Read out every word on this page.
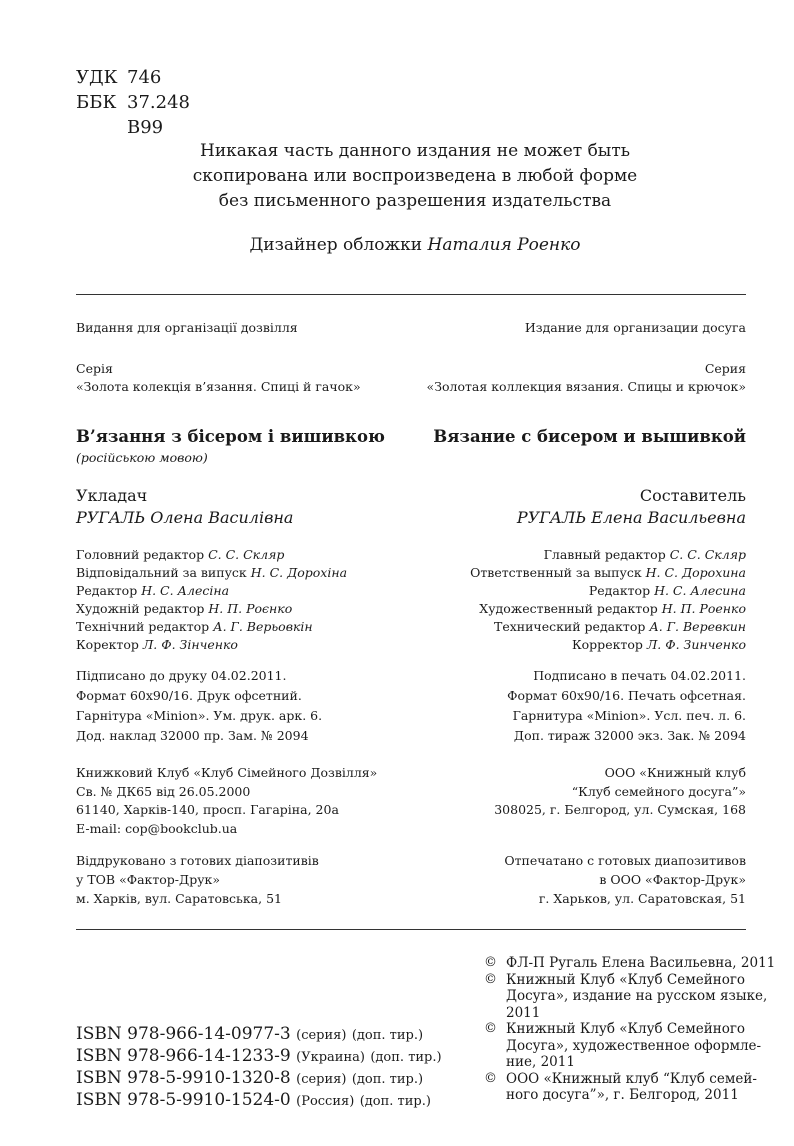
УДК 746
ББК 37.248
В99
Никакая часть данного издания не может быть
скопирована или воспроизведена в любой форме
без письменного разрешения издательства
Дизайнер обложки Наталия Роенко
Видання для організації дозвілля
Серія
«Золота колекція в’язання. Спиці й гачок»
В’язання з бісером і вишивкою
(російською мовою)
Укладач
РУГАЛЬ Олена Василівна
Головний редактор С. С. Скляр
Відповідальний за випуск Н. С. Дорохіна
Редактор Н. С. Алесіна
Художній редактор Н. П. Роєнко
Технічний редактор А. Г. Вeрьовкін
Коректор Л. Ф. Зінченко
Підписано до друку 04.02.2011.
Формат 60х90/16. Друк офсетний.
Гарнітура «Minion». Ум. друк. арк. 6.
Дод. наклад 32000 пр. Зам. № 2094
Книжковий Клуб «Клуб Сімейного Дозвілля»
Св. № ДК65 від 26.05.2000
61140, Харків-140, просп. Гагаріна, 20а
E-mail: cop@bookclub.ua
Віддруковано з готових діапозитивів
у ТОВ «Фактор-Друк»
м. Харків, вул. Саратовська, 51
Издание для организации досуга
Серия
«Золотая коллекция вязания. Спицы и крючок»
Вязание с бисером и вышивкой
Составитель
РУГАЛЬ Елена Васильевна
Главный редактор С. С. Скляр
Ответственный за выпуск Н. С. Дорохина
Редактор Н. С. Алесина
Художественный редактор Н. П. Роенко
Технический редактор А. Г. Веревкин
Корректор Л. Ф. Зинченко
Подписано в печать 04.02.2011.
Формат 60х90/16. Печать офсетная.
Гарнитура «Minion». Усл. печ. л. 6.
Доп. тираж 32000 экз. Зак. № 2094
ООО «Книжный клуб
“Клуб семейного досуга”»
308025, г. Белгород, ул. Сумская, 168
Отпечатано с готовых диапозитивов
в ООО «Фактор-Друк»
г. Харьков, ул. Саратовская, 51
ISBN 978-966-14-0977-3 (серия) (доп. тир.)
ISBN 978-966-14-1233-9 (Украина) (доп. тир.)
ISBN 978-5-9910-1320-8 (серия) (доп. тир.)
ISBN 978-5-9910-1524-0 (Россия) (доп. тир.)
© ФЛ-П Ругаль Елена Васильевна, 2011
© Книжный Клуб «Клуб Семейного
Досуга», издание на русском языке,
2011
© Книжный Клуб «Клуб Семейного
Досуга», художественное оформле-
ние, 2011
© ООО «Книжный клуб “Клуб семей-
ного досуга”», г. Белгород, 2011
